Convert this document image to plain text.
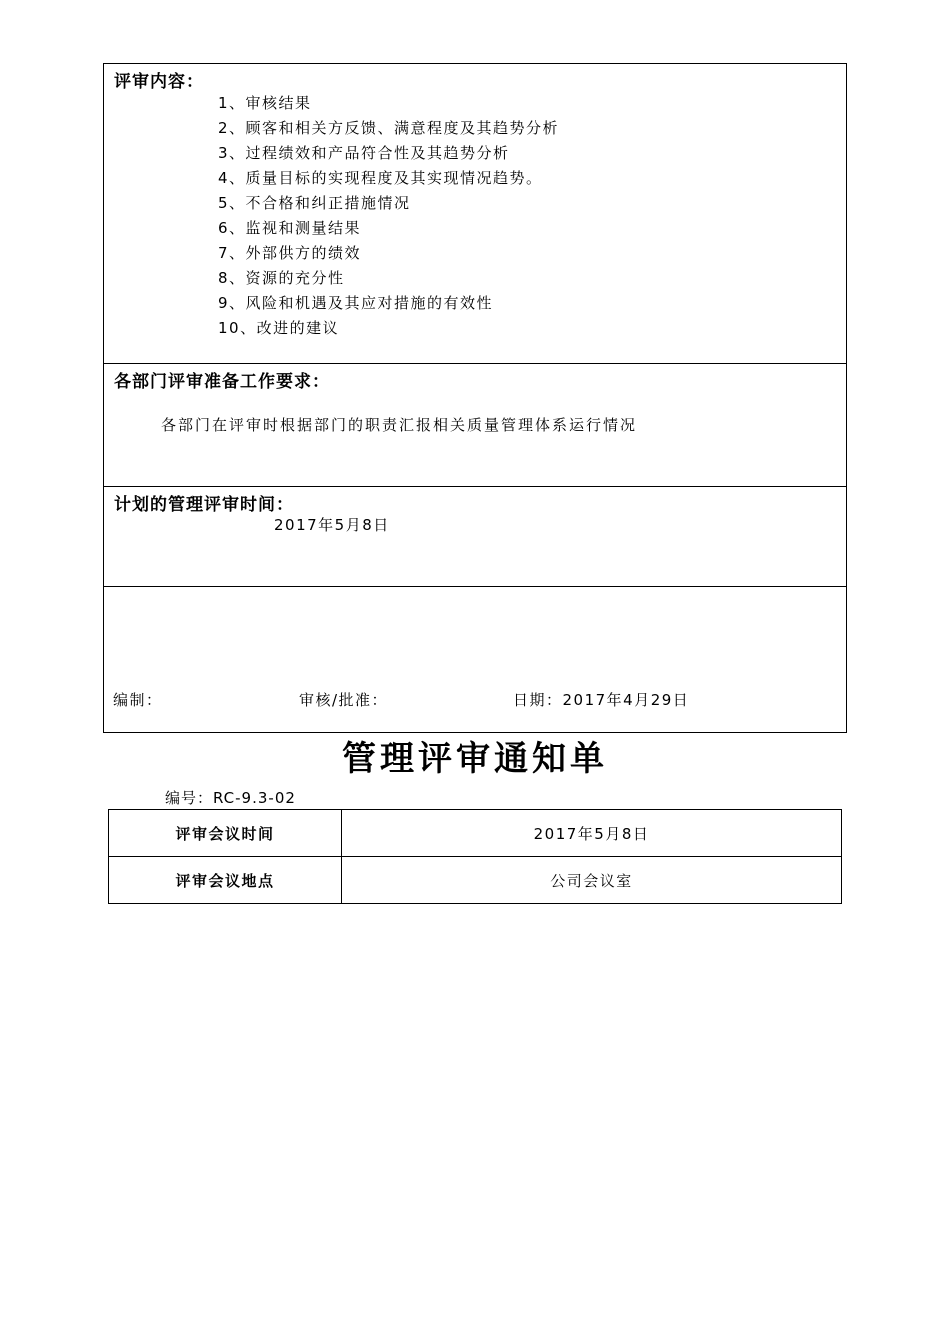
评审内容：
1、审核结果
2、顾客和相关方反馈、满意程度及其趋势分析
3、过程绩效和产品符合性及其趋势分析
4、质量目标的实现程度及其实现情况趋势。
5、不合格和纠正措施情况
6、监视和测量结果
7、外部供方的绩效
8、资源的充分性
9、风险和机遇及其应对措施的有效性
10、改进的建议
各部门评审准备工作要求：
各部门在评审时根据部门的职责汇报相关质量管理体系运行情况
计划的管理评审时间：
2017年5月8日
编制：	审核/批准：	日期：2017年4月29日
管理评审通知单
编号：RC-9.3-02
评审会议时间	2017年5月8日
评审会议地点	公司会议室
